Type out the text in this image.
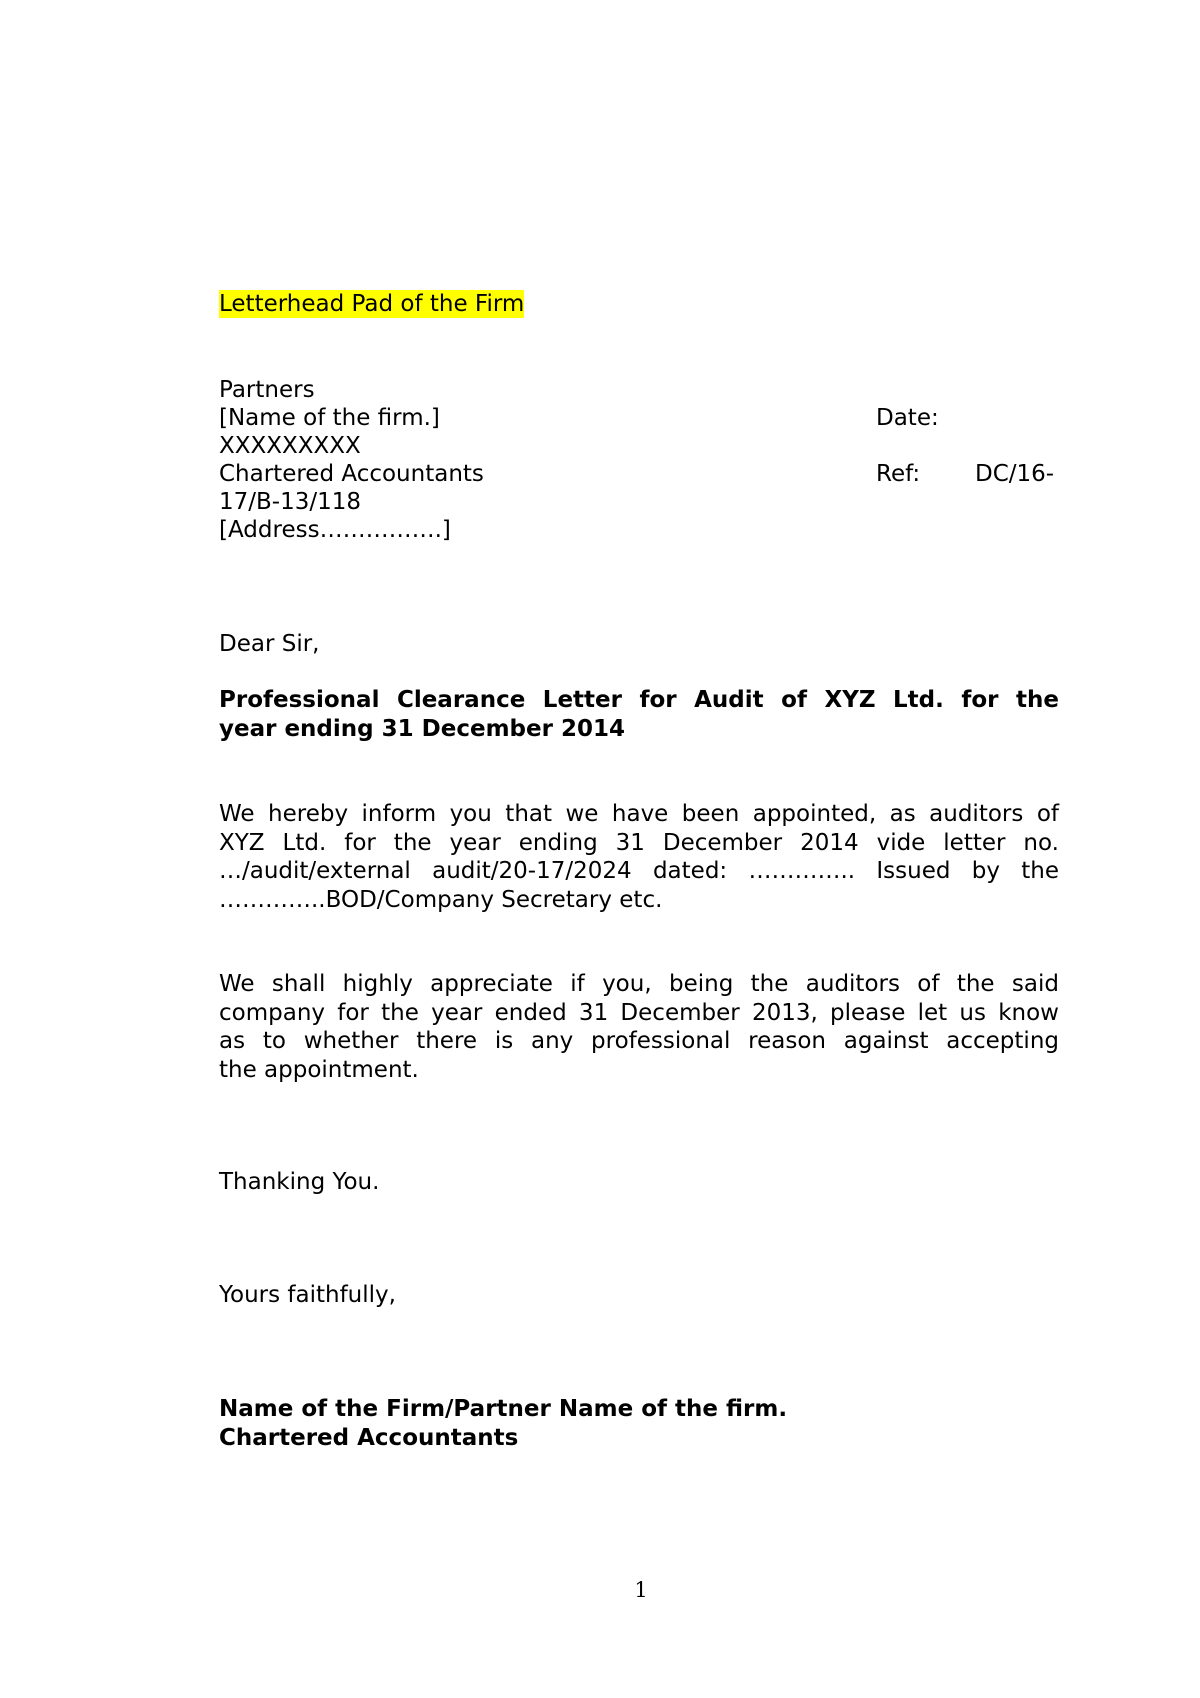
Letterhead Pad of the Firm
Partners
[Name of the firm.]
XXXXXXXXX
Chartered Accountants
17/B-13/118
[Address…………….]
Date:
Ref: DC/16-
Dear Sir,
Professional Clearance Letter for Audit of XYZ Ltd. for the
year ending 31 December 2014
We hereby inform you that we have been appointed, as auditors of
XYZ Ltd. for the year ending 31 December 2014 vide letter no.
…/audit/external audit/20-17/2024 dated: ………….. Issued by the
…………..BOD/Company Secretary etc.
We shall highly appreciate if you, being the auditors of the said
company for the year ended 31 December 2013, please let us know
as to whether there is any professional reason against accepting
the appointment.
Thanking You.
Yours faithfully,
Name of the Firm/Partner Name of the firm.
Chartered Accountants
1
